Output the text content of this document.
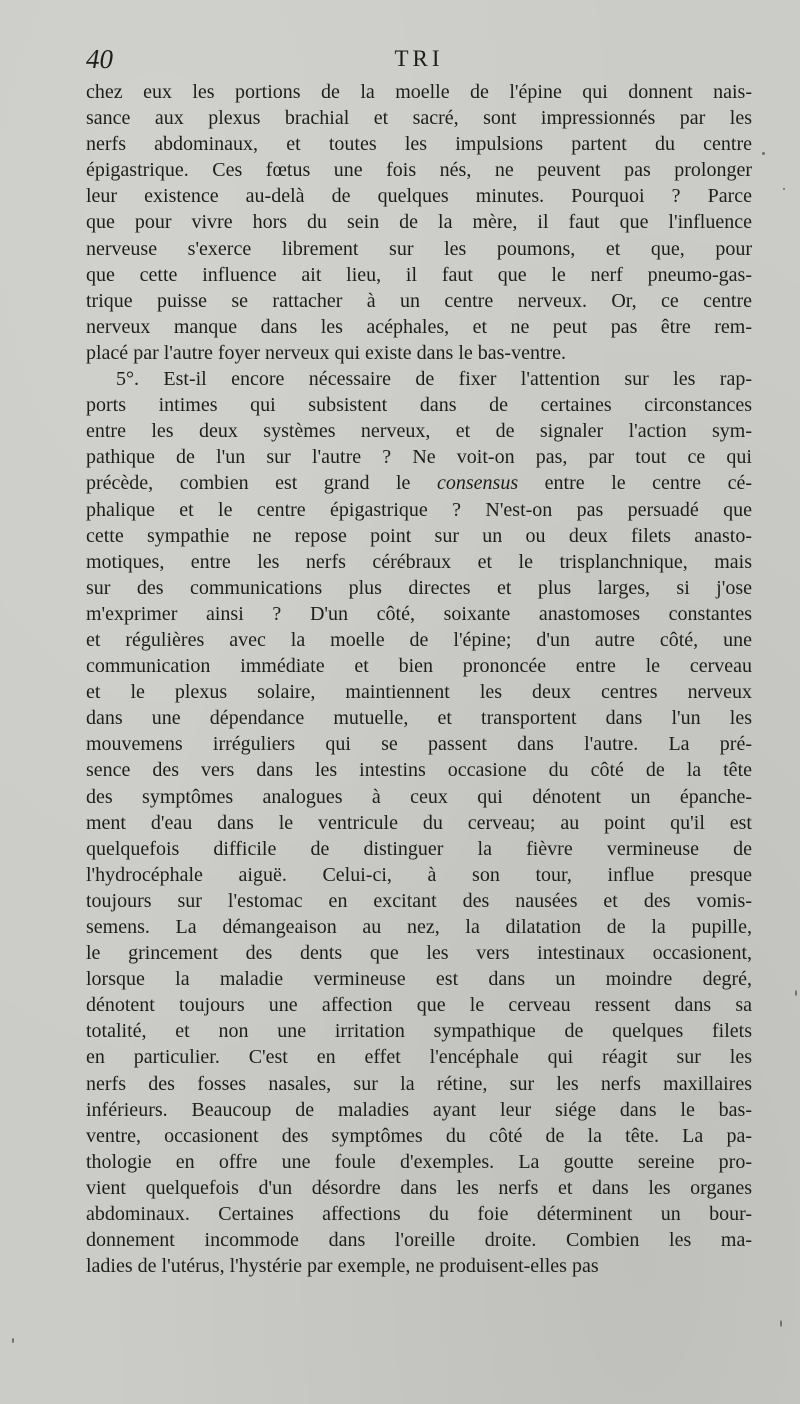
40	TRI
chez eux les portions de la moelle de l'épine qui donnent nais-
sance aux plexus brachial et sacré, sont impressionnés par les
nerfs abdominaux, et toutes les impulsions partent du centre
épigastrique. Ces fœtus une fois nés, ne peuvent pas prolonger
leur existence au-delà de quelques minutes. Pourquoi ? Parce
que pour vivre hors du sein de la mère, il faut que l'influence
nerveuse s'exerce librement sur les poumons, et que, pour
que cette influence ait lieu, il faut que le nerf pneumo-gas-
trique puisse se rattacher à un centre nerveux. Or, ce centre
nerveux manque dans les acéphales, et ne peut pas être rem-
placé par l'autre foyer nerveux qui existe dans le bas-ventre.
5°. Est-il encore nécessaire de fixer l'attention sur les rap-
ports intimes qui subsistent dans de certaines circonstances
entre les deux systèmes nerveux, et de signaler l'action sym-
pathique de l'un sur l'autre ? Ne voit-on pas, par tout ce qui
précède, combien est grand le consensus entre le centre cé-
phalique et le centre épigastrique ? N'est-on pas persuadé que
cette sympathie ne repose point sur un ou deux filets anasto-
motiques, entre les nerfs cérébraux et le trisplanchnique, mais
sur des communications plus directes et plus larges, si j'ose
m'exprimer ainsi ? D'un côté, soixante anastomoses constantes
et régulières avec la moelle de l'épine; d'un autre côté, une
communication immédiate et bien prononcée entre le cerveau
et le plexus solaire, maintiennent les deux centres nerveux
dans une dépendance mutuelle, et transportent dans l'un les
mouvemens irréguliers qui se passent dans l'autre. La pré-
sence des vers dans les intestins occasione du côté de la tête
des symptômes analogues à ceux qui dénotent un épanche-
ment d'eau dans le ventricule du cerveau; au point qu'il est
quelquefois difficile de distinguer la fièvre vermineuse de
l'hydrocéphale aiguë. Celui-ci, à son tour, influe presque
toujours sur l'estomac en excitant des nausées et des vomis-
semens. La démangeaison au nez, la dilatation de la pupille,
le grincement des dents que les vers intestinaux occasionent,
lorsque la maladie vermineuse est dans un moindre degré,
dénotent toujours une affection que le cerveau ressent dans sa
totalité, et non une irritation sympathique de quelques filets
en particulier. C'est en effet l'encéphale qui réagit sur les
nerfs des fosses nasales, sur la rétine, sur les nerfs maxillaires
inférieurs. Beaucoup de maladies ayant leur siége dans le bas-
ventre, occasionent des symptômes du côté de la tête. La pa-
thologie en offre une foule d'exemples. La goutte sereine pro-
vient quelquefois d'un désordre dans les nerfs et dans les organes
abdominaux. Certaines affections du foie déterminent un bour-
donnement incommode dans l'oreille droite. Combien les ma-
ladies de l'utérus, l'hystérie par exemple, ne produisent-elles pas
